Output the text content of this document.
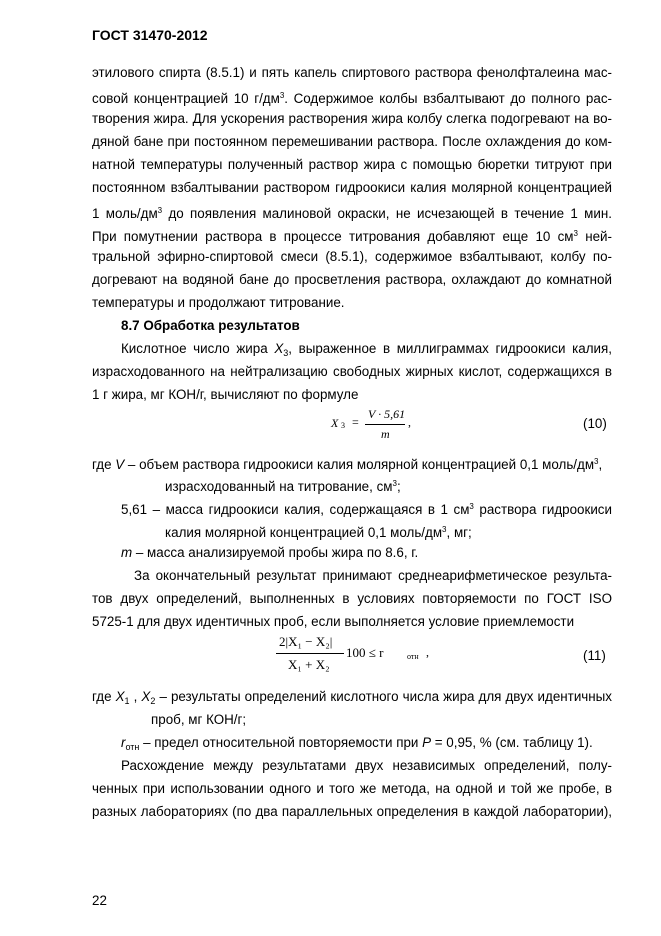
ГОСТ 31470-2012
этилового спирта (8.5.1) и пять капель спиртового раствора фенолфталеина мас-
совой концентрацией 10 $г/дм^3$. Содержимое колбы взбалтывают до полного рас-
творения жира. Для ускорения растворения жира колбу слегка подогревают на во-
дяной бане при постоянном перемешивании раствора. После охлаждения до ком-
натной температуры полученный раствор жира с помощью бюретки титруют при
постоянном взбалтывании раствором гидроокиси калия молярной концентрацией
1 моль/$дм^3$ до появления малиновой окраски, не исчезающей в течение 1 мин.
При помутнении раствора в процессе титрования добавляют еще 10 $см^3$ ней-
тральной эфирно-спиртовой смеси (8.5.1), содержимое взбалтывают, колбу по-
догревают на водяной бане до просветления раствора, охлаждают до комнатной
температуры и продолжают титрование.
8.7 Обработка результатов
Кислотное число жира $X_3$, выраженное в миллиграммах гидроокиси калия,
израсходованного на нейтрализацию свободных жирных кислот, содержащихся в
1 г жира, мг КОН/г, вычисляют по формуле
X 3 =
V · 5,61
m
,	(10)
где V – объем раствора гидроокиси калия молярной концентрацией 0,1 моль/$дм^3$,
израсходованный на титрование, $см^3$;
5,61 – масса гидроокиси калия, содержащаяся в 1 $см^3$ раствора гидроокиси
калия молярной концентрацией 0,1 моль/$дм^3$, мг;
m – масса анализируемой пробы жира по 8.6, г.
За окончательный результат принимают среднеарифметическое результа-
тов двух определений, выполненных в условиях повторяемости по ГОСТ ISO
5725-1 для двух идентичных проб, если выполняется условие приемлемости
2|X₁ − X₂|
X₁ + X₂
100 ≤ r	отн ,	(11)
где $X_1$ , $X_2$ – результаты определений кислотного числа жира для двух идентичных
проб, мг КОН/г;
$r_{отн}$ – предел относительной повторяемости при P = 0,95, % (см. таблицу 1).
Расхождение между результатами двух независимых определений, полу-
ченных при использовании одного и того же метода, на одной и той же пробе, в
разных лабораториях (по два параллельных определения в каждой лаборатории),
22
